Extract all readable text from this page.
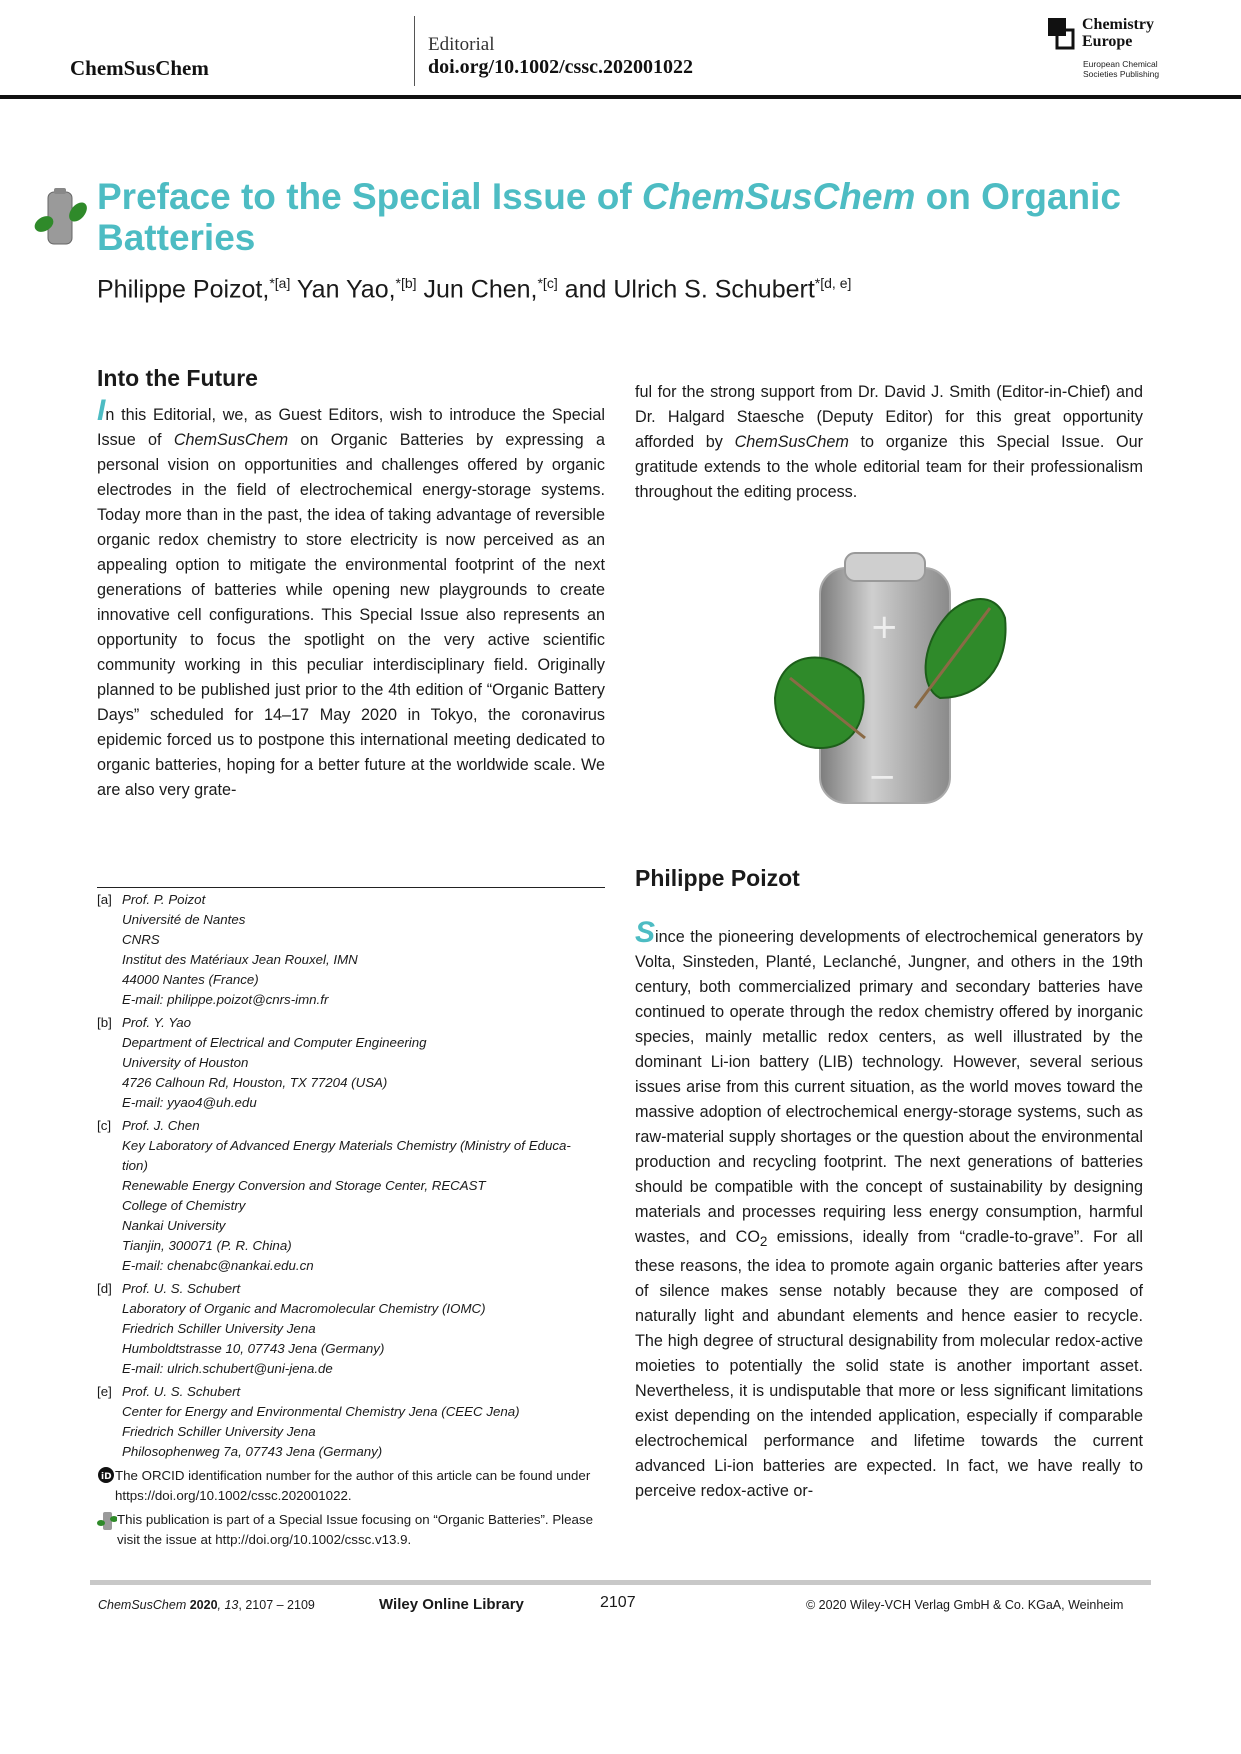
ChemSusChem
Editorial
doi.org/10.1002/cssc.202001022
Chemistry
Europe
European Chemical
Societies Publishing
Preface to the Special Issue of ChemSusChem on Organic Batteries
Philippe Poizot,$^{*[a]}$ Yan Yao,$^{*[b]}$ Jun Chen,$^{*[c]}$ and Ulrich S. Schubert$^{*[d, e]}$
Into the Future
In this Editorial, we, as Guest Editors, wish to introduce the Special Issue of ChemSusChem on Organic Batteries by expressing a personal vision on opportunities and challenges offered by organic electrodes in the field of electrochemical energy-storage systems. Today more than in the past, the idea of taking advantage of reversible organic redox chemistry to store electricity is now perceived as an appealing option to mitigate the environmental footprint of the next generations of batteries while opening new playgrounds to create innovative cell configurations. This Special Issue also represents an opportunity to focus the spotlight on the very active scientific community working in this peculiar interdisciplinary field. Originally planned to be published just prior to the 4th edition of “Organic Battery Days” scheduled for 14–17 May 2020 in Tokyo, the coronavirus epidemic forced us to postpone this international meeting dedicated to organic batteries, hoping for a better future at the worldwide scale. We are also very grate-
ful for the strong support from Dr. David J. Smith (Editor-in-Chief) and Dr. Halgard Staesche (Deputy Editor) for this great opportunity afforded by ChemSusChem to organize this Special Issue. Our gratitude extends to the whole editorial team for their professionalism throughout the editing process.
+
−
Philippe Poizot
Since the pioneering developments of electrochemical generators by Volta, Sinsteden, Planté, Leclanché, Jungner, and others in the 19th century, both commercialized primary and secondary batteries have continued to operate through the redox chemistry offered by inorganic species, mainly metallic redox centers, as well illustrated by the dominant Li-ion battery (LIB) technology. However, several serious issues arise from this current situation, as the world moves toward the massive adoption of electrochemical energy-storage systems, such as raw-material supply shortages or the question about the environmental production and recycling footprint. The next generations of batteries should be compatible with the concept of sustainability by designing materials and processes requiring less energy consumption, harmful wastes, and $CO_2$ emissions, ideally from “cradle-to-grave”. For all these reasons, the idea to promote again organic batteries after years of silence makes sense notably because they are composed of naturally light and abundant elements and hence easier to recycle. The high degree of structural designability from molecular redox-active moieties to potentially the solid state is another important asset. Nevertheless, it is undisputable that more or less significant limitations exist depending on the intended application, especially if comparable electrochemical performance and lifetime towards the current advanced Li-ion batteries are expected. In fact, we have really to perceive redox-active or-
[a] Prof. P. Poizot
Université de Nantes
CNRS
Institut des Matériaux Jean Rouxel, IMN
44000 Nantes (France)
E-mail: philippe.poizot@cnrs-imn.fr
[b] Prof. Y. Yao
Department of Electrical and Computer Engineering
University of Houston
4726 Calhoun Rd, Houston, TX 77204 (USA)
E-mail: yyao4@uh.edu
[c] Prof. J. Chen
Key Laboratory of Advanced Energy Materials Chemistry (Ministry of Educa-
tion)
Renewable Energy Conversion and Storage Center, RECAST
College of Chemistry
Nankai University
Tianjin, 300071 (P. R. China)
E-mail: chenabc@nankai.edu.cn
[d] Prof. U. S. Schubert
Laboratory of Organic and Macromolecular Chemistry (IOMC)
Friedrich Schiller University Jena
Humboldtstrasse 10, 07743 Jena (Germany)
E-mail: ulrich.schubert@uni-jena.de
[e] Prof. U. S. Schubert
Center for Energy and Environmental Chemistry Jena (CEEC Jena)
Friedrich Schiller University Jena
Philosophenweg 7a, 07743 Jena (Germany)
iD The ORCID identification number for the author of this article can be found under https://doi.org/10.1002/cssc.202001022.
This publication is part of a Special Issue focusing on “Organic Batteries”. Please visit the issue at http://doi.org/10.1002/cssc.v13.9.
ChemSusChem 2020, 13, 2107 – 2109	Wiley Online Library	2107	© 2020 Wiley-VCH Verlag GmbH & Co. KGaA, Weinheim
